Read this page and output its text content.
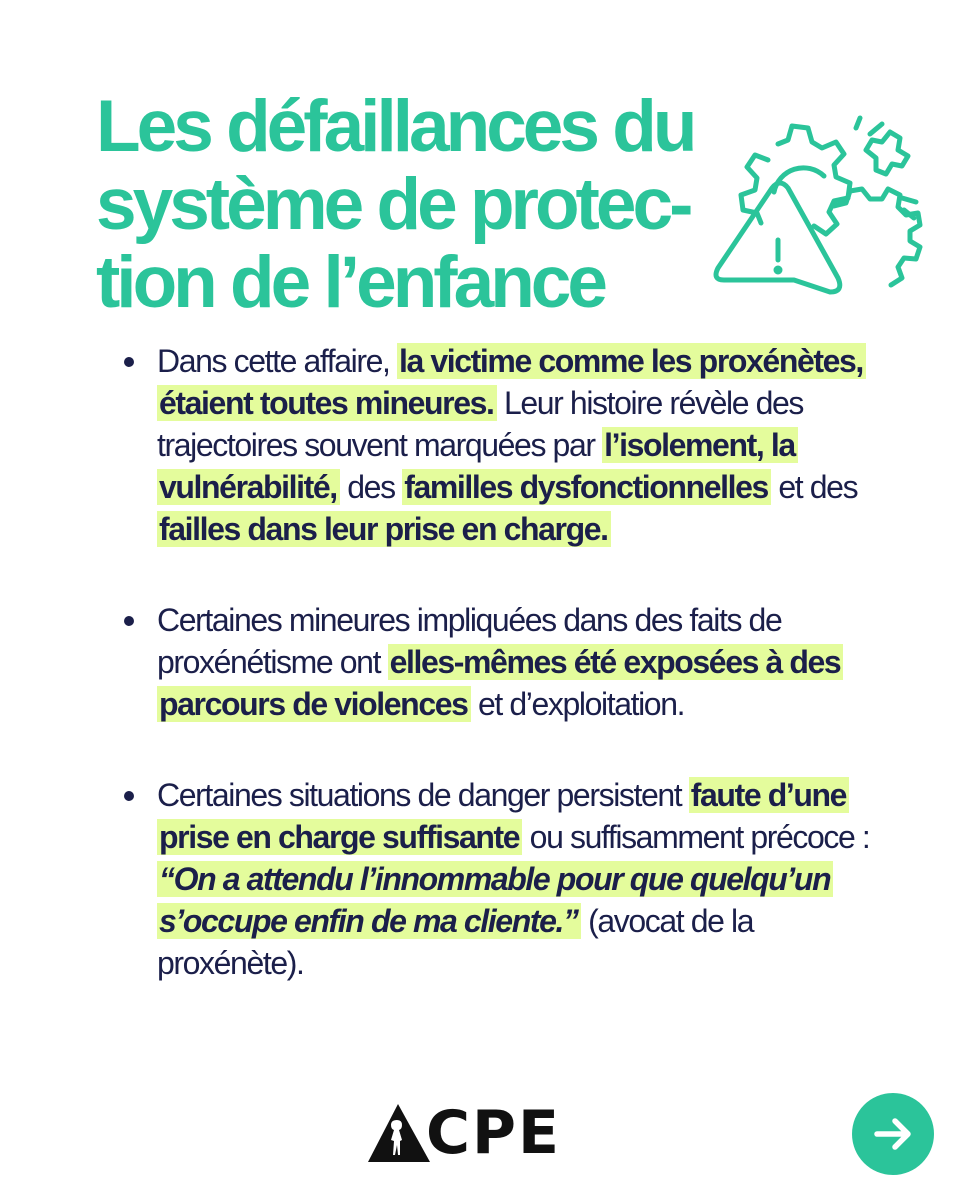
Les défaillances du
système de protec-
tion de l’enfance
Dans cette affaire, la victime comme les proxénètes, étaient toutes mineures. Leur histoire révèle des trajectoires souvent marquées par l’isolement, la vulnérabilité, des familles dysfonctionnelles et des failles dans leur prise en charge.
Certaines mineures impliquées dans des faits de proxénétisme ont elles-mêmes été exposées à des parcours de violences et d’exploitation.
Certaines situations de danger persistent faute d’une prise en charge suffisante ou suffisamment précoce : “On a attendu l’innommable pour que quelqu’un s’occupe enfin de ma cliente.” (avocat de la proxénète).
CPE
